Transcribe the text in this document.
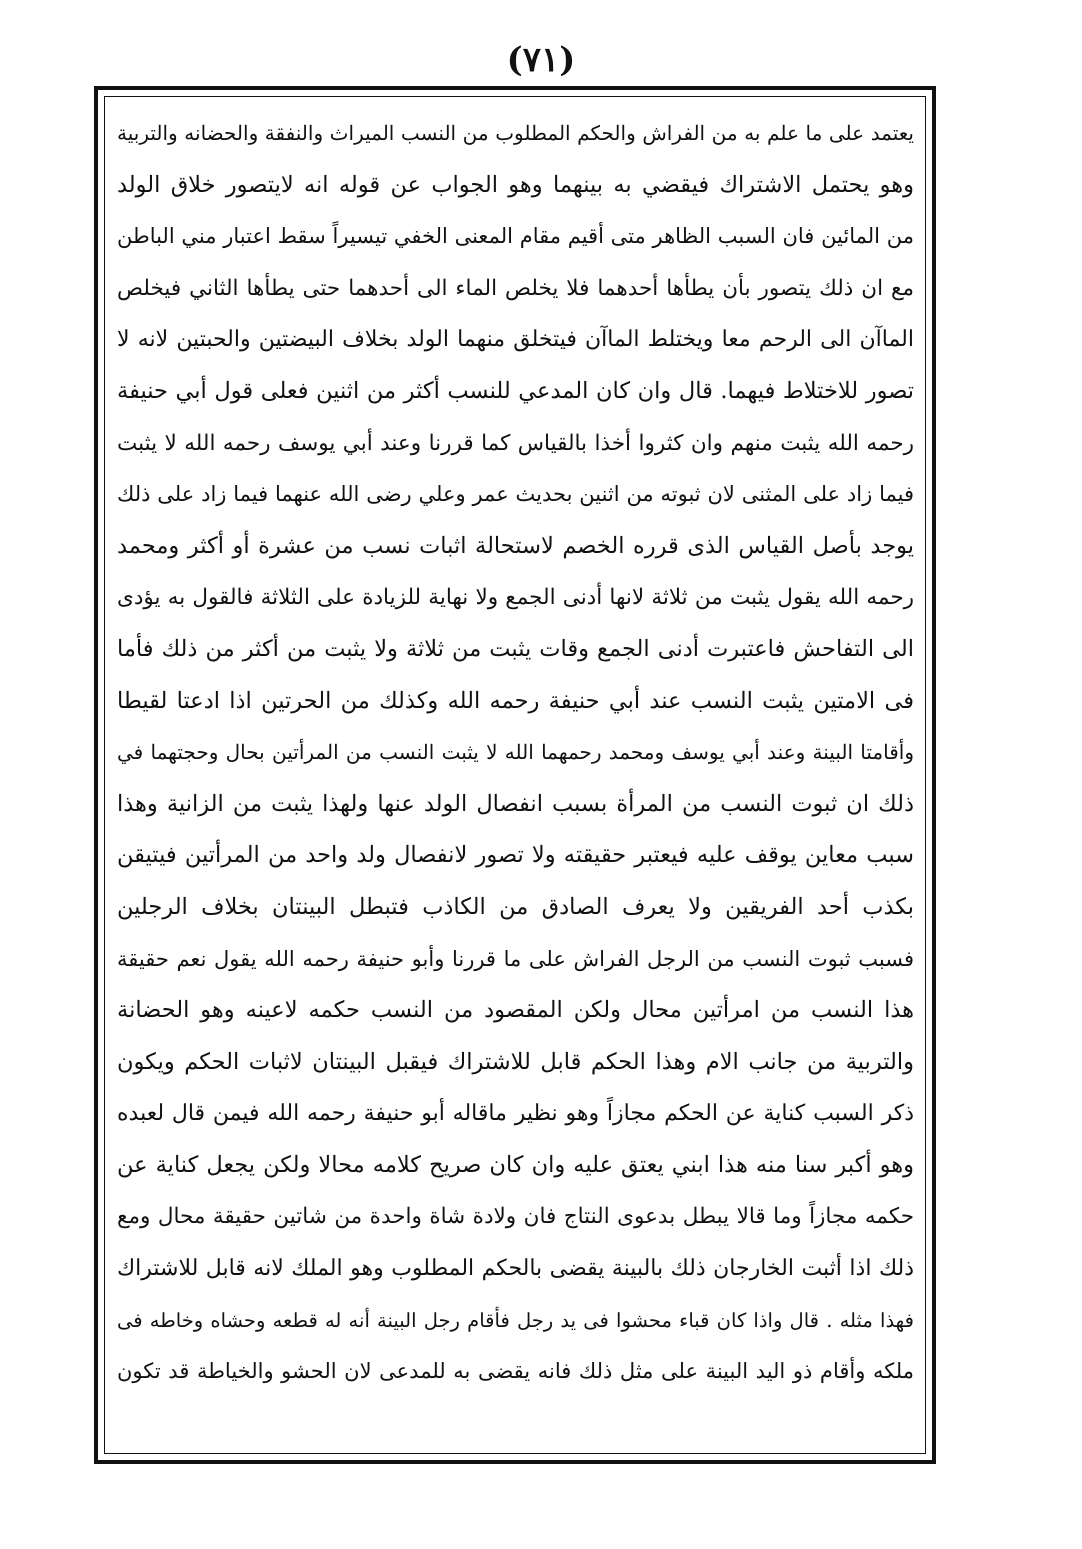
(٧١)
يعتمد على ما علم به من الفراش والحكم المطلوب من النسب الميراث والنفقة والحضانه والتربية
وهو يحتمل الاشتراك فيقضي به بينهما وهو الجواب عن قوله انه لايتصور خلاق الولد
من المائين فان السبب الظاهر متى أقيم مقام المعنى الخفي تيسيراً سقط اعتبار مني الباطن
مع ان ذلك يتصور بأن يطأها أحدهما فلا يخلص الماء الى أحدهما حتى يطأها الثاني فيخلص
الماآن الى الرحم معا ويختلط الماآن فيتخلق منهما الولد بخلاف البيضتين والحبتين لانه لا
تصور للاختلاط فيهما. قال وان كان المدعي للنسب أكثر من اثنين فعلى قول أبي حنيفة
رحمه الله يثبت منهم وان كثروا أخذا بالقياس كما قررنا وعند أبي يوسف رحمه الله لا يثبت
فيما زاد على المثنى لان ثبوته من اثنين بحديث عمر وعلي رضى الله عنهما فيما زاد على ذلك
يوجد بأصل القياس الذى قرره الخصم لاستحالة اثبات نسب من عشرة أو أكثر ومحمد
رحمه الله يقول يثبت من ثلاثة لانها أدنى الجمع ولا نهاية للزيادة على الثلاثة فالقول به يؤدى
الى التفاحش فاعتبرت أدنى الجمع وقات يثبت من ثلاثة ولا يثبت من أكثر من ذلك فأما
فى الامتين يثبت النسب عند أبي حنيفة رحمه الله وكذلك من الحرتين اذا ادعتا لقيطا
وأقامتا البينة وعند أبي يوسف ومحمد رحمهما الله لا يثبت النسب من المرأتين بحال وحجتهما في
ذلك ان ثبوت النسب من المرأة بسبب انفصال الولد عنها ولهذا يثبت من الزانية وهذا
سبب معاين يوقف عليه فيعتبر حقيقته ولا تصور لانفصال ولد واحد من المرأتين فيتيقن
بكذب أحد الفريقين ولا يعرف الصادق من الكاذب فتبطل البينتان بخلاف الرجلين
فسبب ثبوت النسب من الرجل الفراش على ما قررنا وأبو حنيفة رحمه الله يقول نعم حقيقة
هذا النسب من امرأتين محال ولكن المقصود من النسب حكمه لاعينه وهو الحضانة
والتربية من جانب الام وهذا الحكم قابل للاشتراك فيقبل البينتان لاثبات الحكم ويكون
ذكر السبب كناية عن الحكم مجازاً وهو نظير ماقاله أبو حنيفة رحمه الله فيمن قال لعبده
وهو أكبر سنا منه هذا ابني يعتق عليه وان كان صريح كلامه محالا ولكن يجعل كناية عن
حكمه مجازاً وما قالا يبطل بدعوى النتاج فان ولادة شاة واحدة من شاتين حقيقة محال ومع
ذلك اذا أثبت الخارجان ذلك بالبينة يقضى بالحكم المطلوب وهو الملك لانه قابل للاشتراك
فهذا مثله . قال واذا كان قباء محشوا فى يد رجل فأقام رجل البينة أنه له قطعه وحشاه وخاطه فى
ملكه وأقام ذو اليد البينة على مثل ذلك فانه يقضى به للمدعى لان الحشو والخياطة قد تكون
